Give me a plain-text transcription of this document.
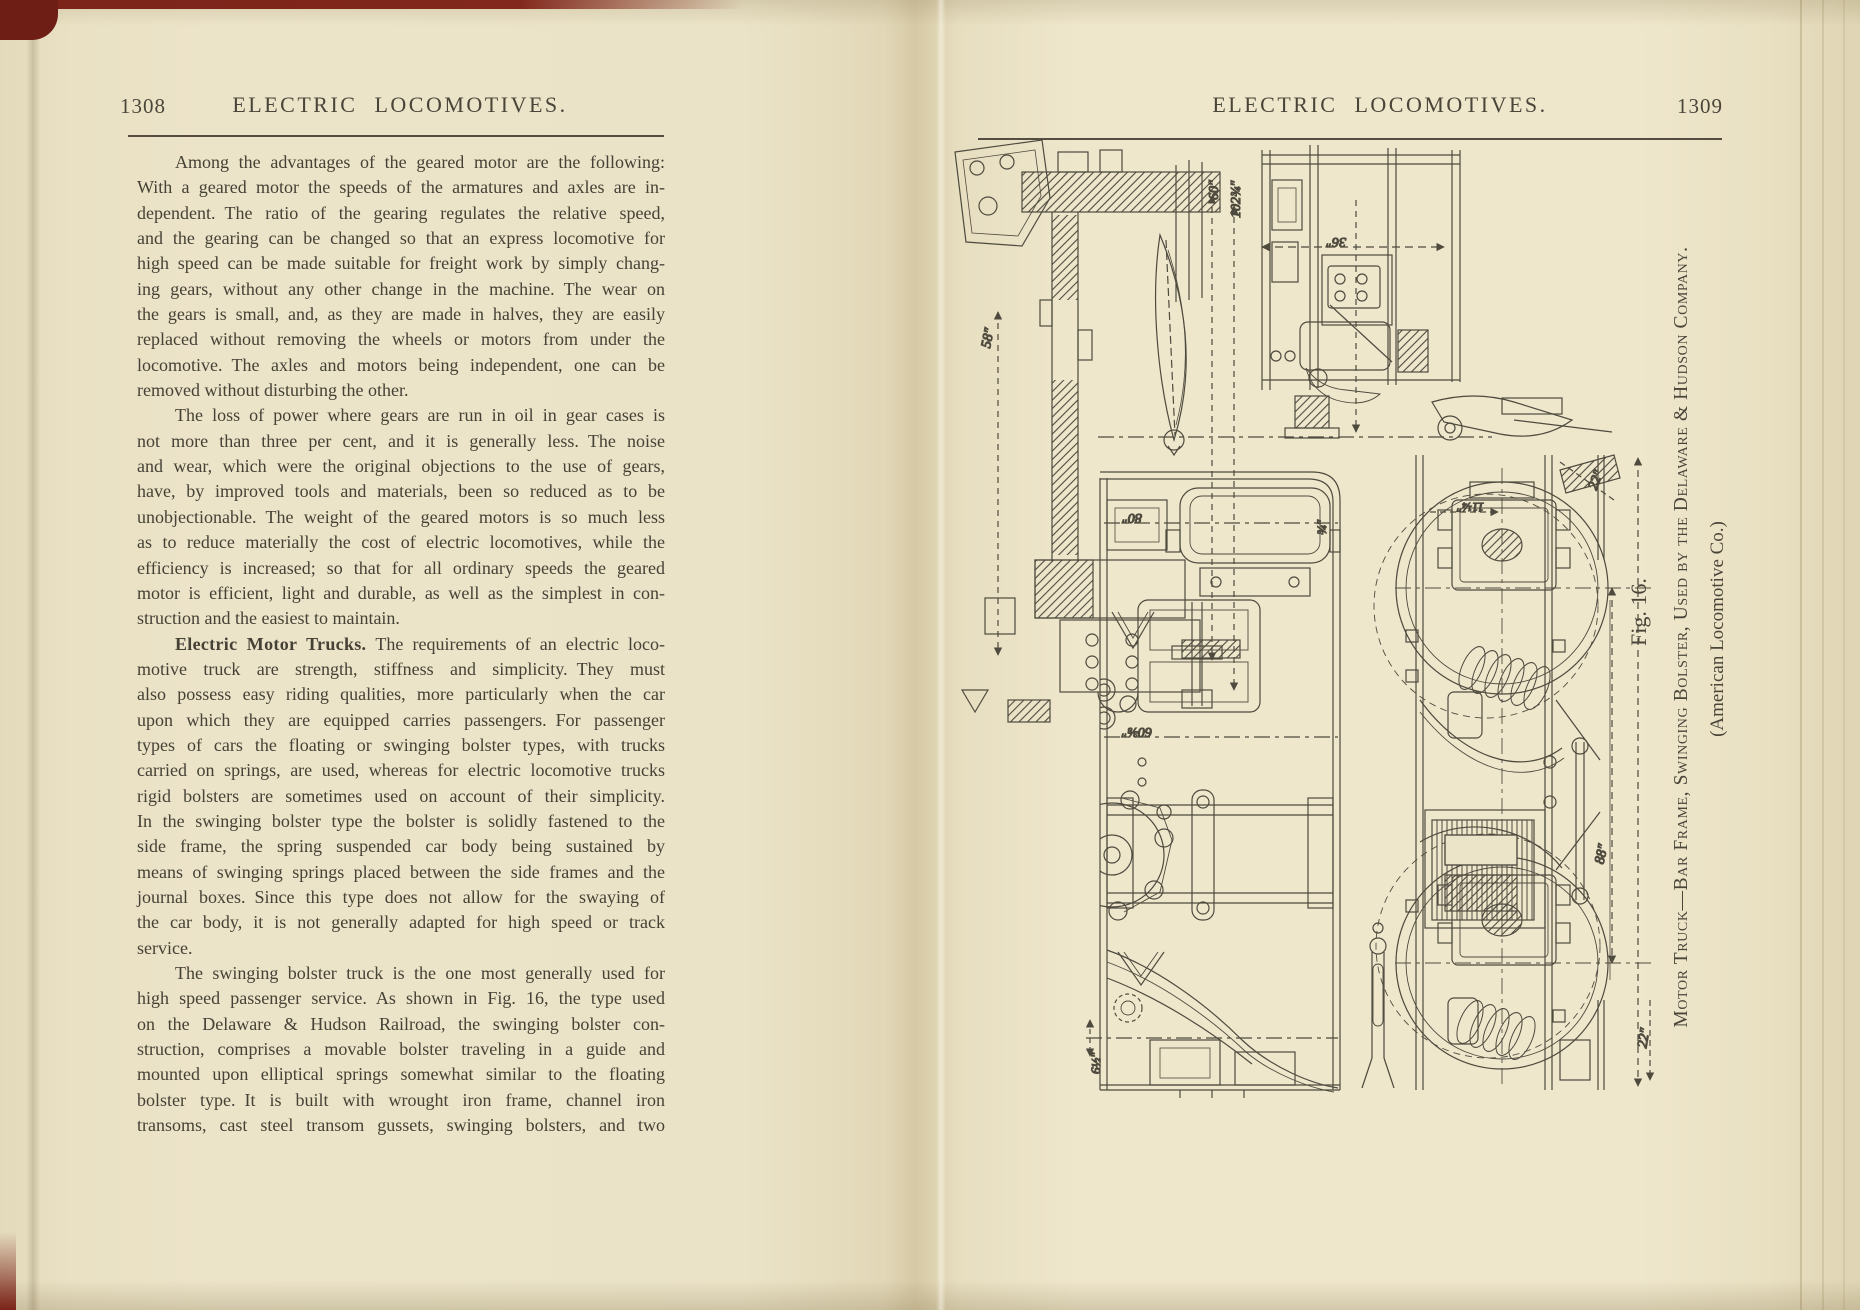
1308	ELECTRIC LOCOMOTIVES.
Among the advantages of the geared motor are the following:
With a geared motor the speeds of the armatures and axles are in-
dependent. The ratio of the gearing regulates the relative speed,
and the gearing can be changed so that an express locomotive for
high speed can be made suitable for freight work by simply chang-
ing gears, without any other change in the machine. The wear on
the gears is small, and, as they are made in halves, they are easily
replaced without removing the wheels or motors from under the
locomotive. The axles and motors being independent, one can be
removed without disturbing the other.
The loss of power where gears are run in oil in gear cases is
not more than three per cent, and it is generally less. The noise
and wear, which were the original objections to the use of gears,
have, by improved tools and materials, been so reduced as to be
unobjectionable. The weight of the geared motors is so much less
as to reduce materially the cost of electric locomotives, while the
efficiency is increased; so that for all ordinary speeds the geared
motor is efficient, light and durable, as well as the simplest in con-
struction and the easiest to maintain.
Electric Motor Trucks. The requirements of an electric loco-
motive truck are strength, stiffness and simplicity. They must
also possess easy riding qualities, more particularly when the car
upon which they are equipped carries passengers. For passenger
types of cars the floating or swinging bolster types, with trucks
carried on springs, are used, whereas for electric locomotive trucks
rigid bolsters are sometimes used on account of their simplicity.
In the swinging bolster type the bolster is solidly fastened to the
side frame, the spring suspended car body being sustained by
means of swinging springs placed between the side frames and the
journal boxes. Since this type does not allow for the swaying of
the car body, it is not generally adapted for high speed or track
service.
The swinging bolster truck is the one most generally used for
high speed passenger service. As shown in Fig. 16, the type used
on the Delaware & Hudson Railroad, the swinging bolster con-
struction, comprises a movable bolster traveling in a guide and
mounted upon elliptical springs somewhat similar to the floating
bolster type. It is built with wrought iron frame, channel iron
transoms, cast steel transom gussets, swinging bolsters, and two
ELECTRIC LOCOMOTIVES.	1309
Fig. 16. Motor Truck—Bar Frame, Swinging Bolster, Used by the Delaware & Hudson Company. (American Locomotive Co.)
58″
60″ 102¾″
36″
80″
60⅜″
6½″
¾″
88″
22″
22″
11¼″
